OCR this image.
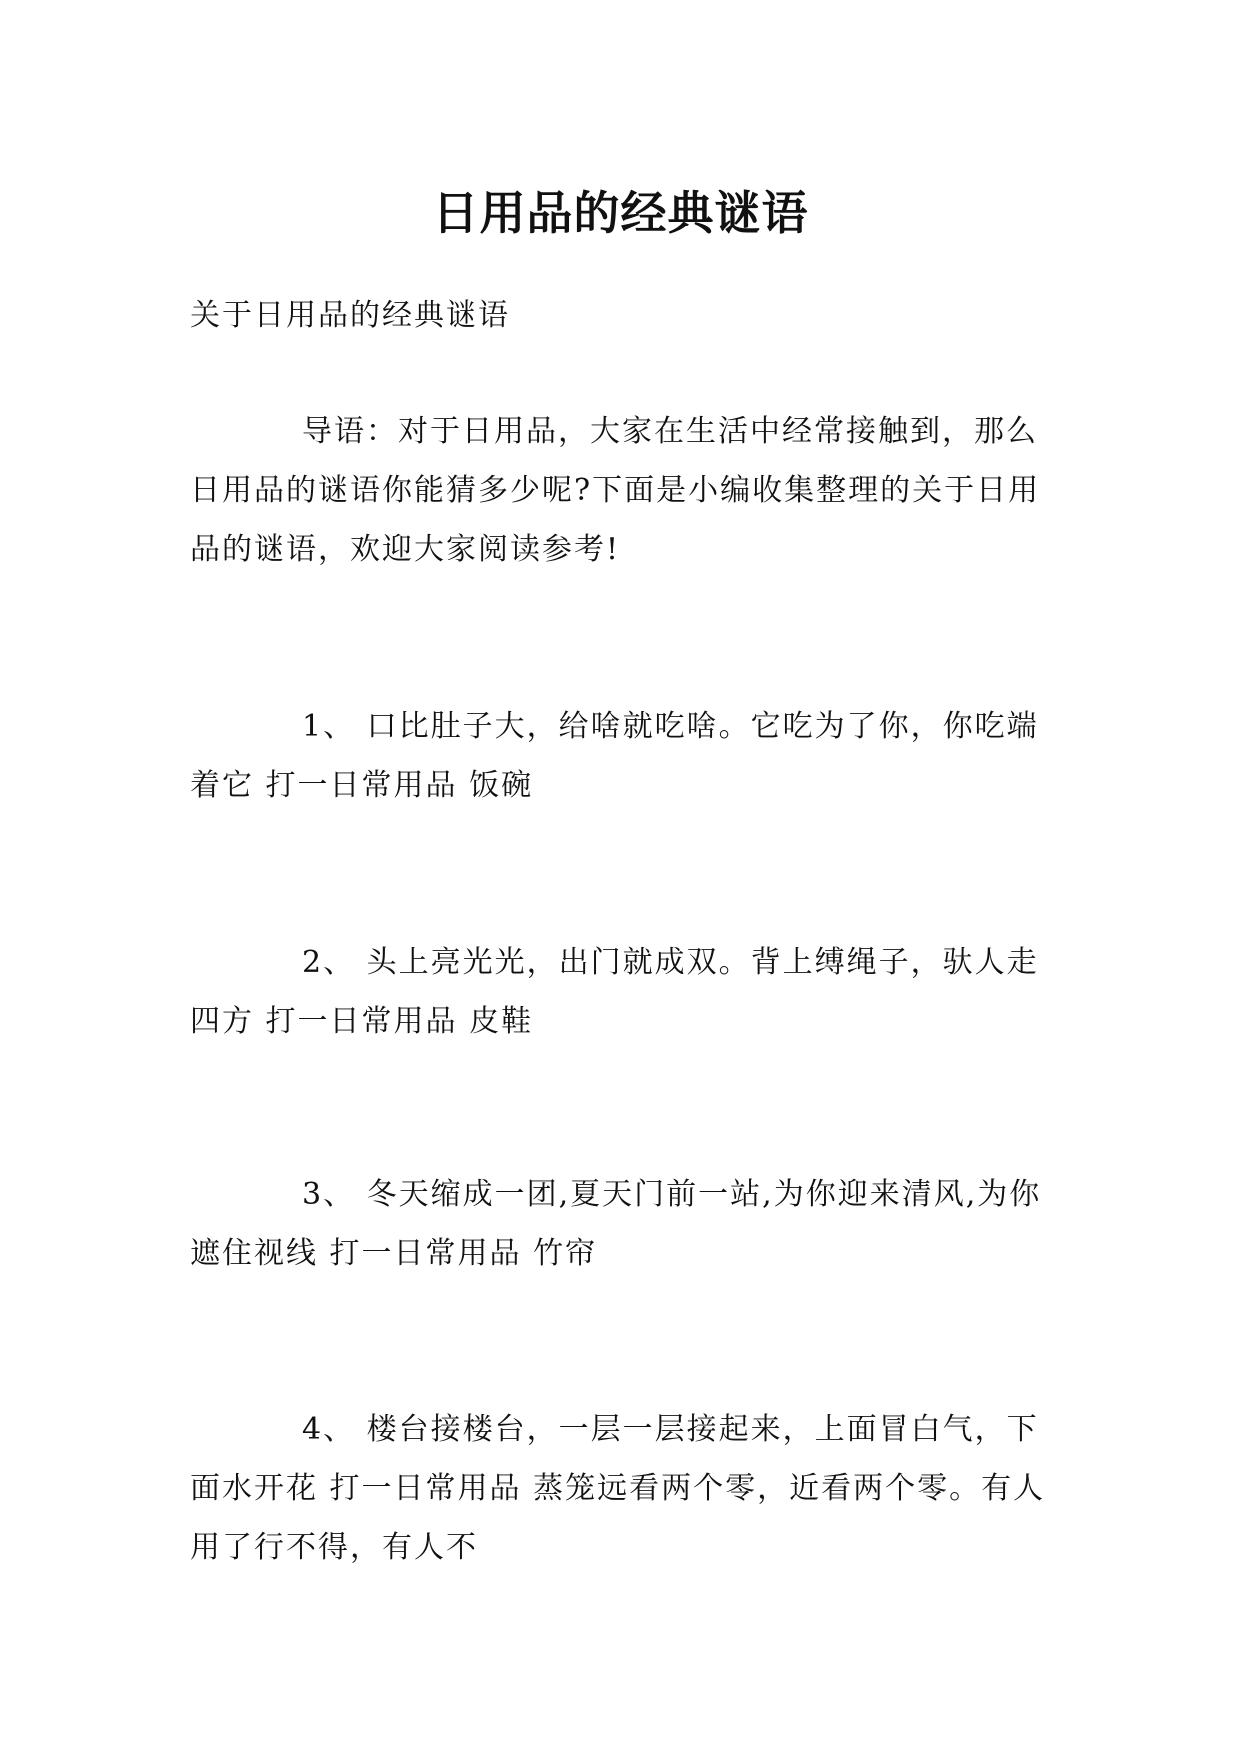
日用品的经典谜语

关于日用品的经典谜语

导语：对于日用品，大家在生活中经常接触到，那么日用品的谜语你能猜多少呢?下面是小编收集整理的关于日用品的谜语，欢迎大家阅读参考!

1、 口比肚子大，给啥就吃啥。它吃为了你，你吃端着它 打一日常用品 饭碗

2、 头上亮光光，出门就成双。背上缚绳子，驮人走四方 打一日常用品 皮鞋

3、 冬天缩成一团,夏天门前一站,为你迎来清风,为你遮住视线 打一日常用品 竹帘

4、 楼台接楼台，一层一层接起来，上面冒白气，下面水开花 打一日常用品 蒸笼远看两个零，近看两个零。有人用了行不得，有人不
